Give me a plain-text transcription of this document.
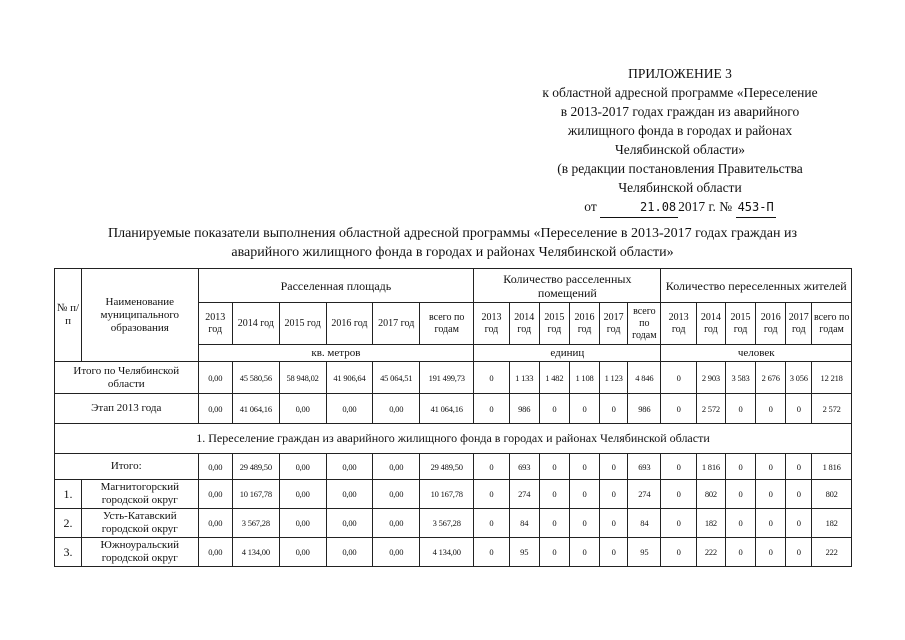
ПРИЛОЖЕНИЕ 3
к областной адресной программе «Переселение
в 2013-2017 годах граждан из аварийного
жилищного фонда в городах и районах
Челябинской области»
(в редакции постановления Правительства
Челябинской области
от	21.08 2017 г. № 453-П
Планируемые показатели выполнения областной адресной программы «Переселение в 2013-2017 годах граждан из
аварийного жилищного фонда в городах и районах Челябинской области»
№ п/п	Наименование муниципального образования	Расселенная площадь						Количество расселенных помещений						Количество переселенных жителей					
		2013 год	2014 год	2015 год	2016 год	2017 год	всего по годам	2013 год	2014 год	2015 год	2016 год	2017 год	всего по годам	2013 год	2014 год	2015 год	2016 год	2017 год	всего по годам
		кв. метров						единиц						человек					
Итого по Челябинской области		0,00	45 580,56	58 948,02	41 906,64	45 064,51	191 499,73	0	1 133	1 482	1 108	1 123	4 846	0	2 903	3 583	2 676	3 056	12 218
Этап 2013 года		0,00	41 064,16	0,00	0,00	0,00	41 064,16	0	986	0	0	0	986	0	2 572	0	0	0	2 572
1. Переселение граждан из аварийного жилищного фонда в городах и районах Челябинской области																			
Итого:		0,00	29 489,50	0,00	0,00	0,00	29 489,50	0	693	0	0	0	693	0	1 816	0	0	0	1 816
1.	Магнитогорский городской округ	0,00	10 167,78	0,00	0,00	0,00	10 167,78	0	274	0	0	0	274	0	802	0	0	0	802
2.	Усть-Катавский городской округ	0,00	3 567,28	0,00	0,00	0,00	3 567,28	0	84	0	0	0	84	0	182	0	0	0	182
3.	Южноуральский городской округ	0,00	4 134,00	0,00	0,00	0,00	4 134,00	0	95	0	0	0	95	0	222	0	0	0	222
